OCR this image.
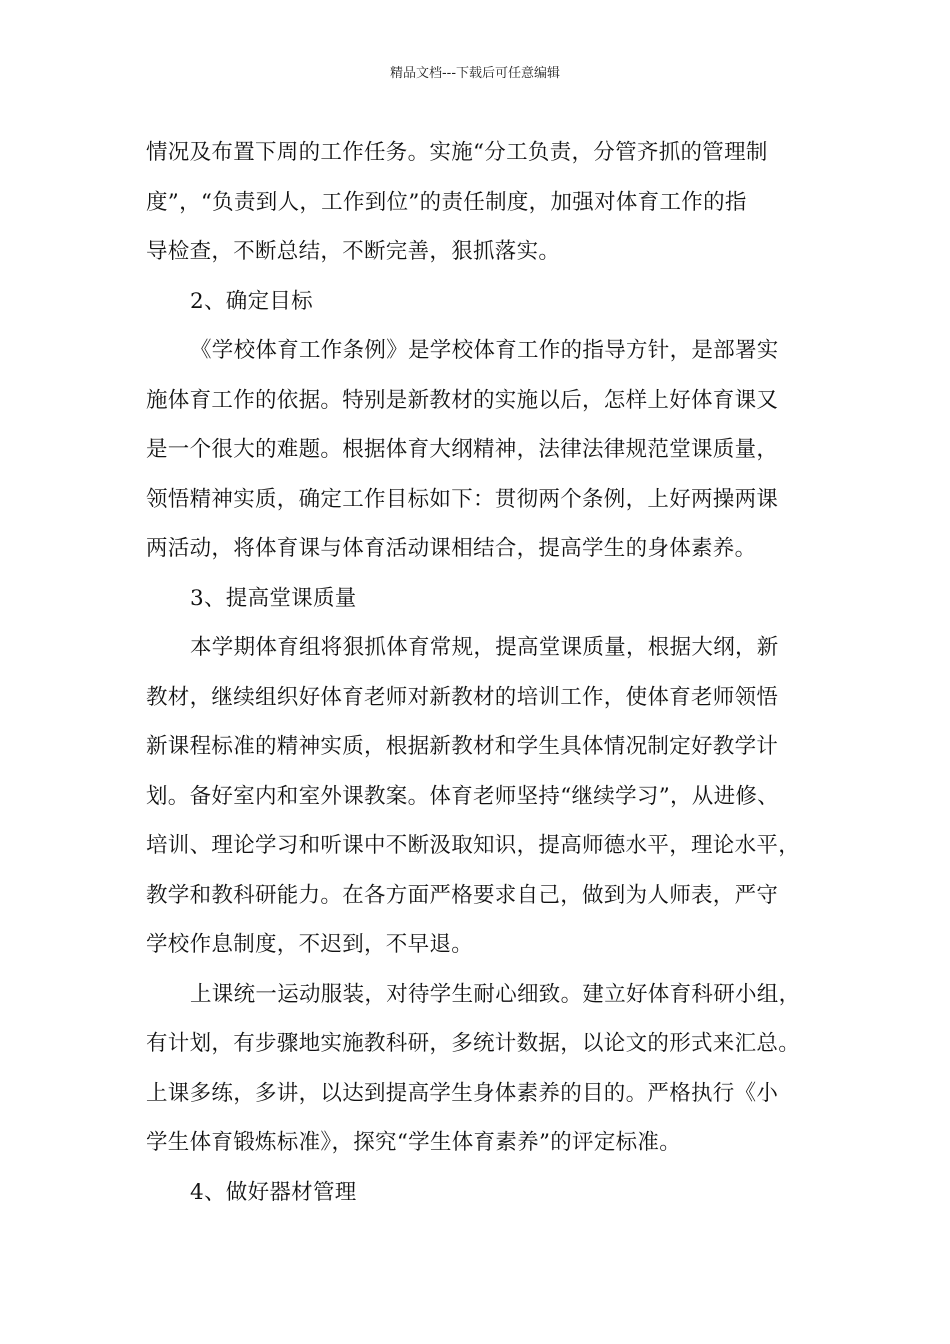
精品文档---下载后可任意编辑
情况及布置下周的工作任务。实施“分工负责，分管齐抓的管理制
度”，“负责到人，工作到位”的责任制度，加强对体育工作的指
导检查，不断总结，不断完善，狠抓落实。
2、确定目标
《学校体育工作条例》是学校体育工作的指导方针，是部署实
施体育工作的依据。特别是新教材的实施以后，怎样上好体育课又
是一个很大的难题。根据体育大纲精神，法律法律规范堂课质量，
领悟精神实质，确定工作目标如下：贯彻两个条例，上好两操两课
两活动，将体育课与体育活动课相结合，提高学生的身体素养。
3、提高堂课质量
本学期体育组将狠抓体育常规，提高堂课质量，根据大纲，新
教材，继续组织好体育老师对新教材的培训工作，使体育老师领悟
新课程标准的精神实质，根据新教材和学生具体情况制定好教学计
划。备好室内和室外课教案。体育老师坚持“继续学习”，从进修、
培训、理论学习和听课中不断汲取知识，提高师德水平，理论水平，
教学和教科研能力。在各方面严格要求自己，做到为人师表，严守
学校作息制度，不迟到，不早退。
上课统一运动服装，对待学生耐心细致。建立好体育科研小组，
有计划，有步骤地实施教科研，多统计数据，以论文的形式来汇总。
上课多练，多讲，以达到提高学生身体素养的目的。严格执行《小
学生体育锻炼标准》，探究“学生体育素养”的评定标准。
4、做好器材管理
